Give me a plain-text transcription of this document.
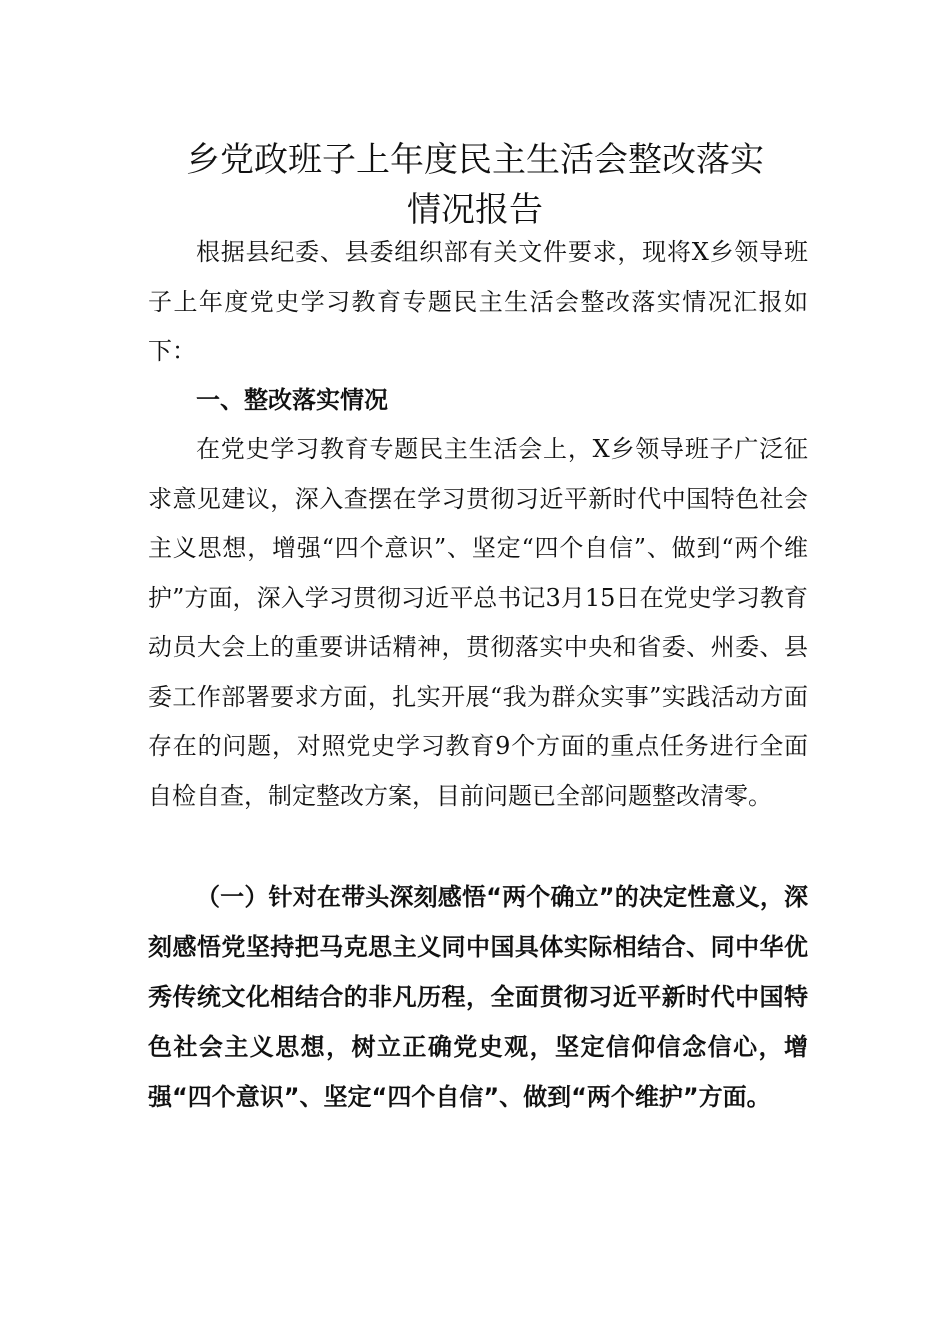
乡党政班子上年度民主生活会整改落实
情况报告

根据县纪委、县委组织部有关文件要求，现将X乡领导班子上年度党史学习教育专题民主生活会整改落实情况汇报如下：

一、整改落实情况

在党史学习教育专题民主生活会上，X乡领导班子广泛征求意见建议，深入查摆在学习贯彻习近平新时代中国特色社会主义思想，增强“四个意识”、坚定“四个自信”、做到“两个维护”方面，深入学习贯彻习近平总书记3月15日在党史学习教育动员大会上的重要讲话精神，贯彻落实中央和省委、州委、县委工作部署要求方面，扎实开展“我为群众实事”实践活动方面存在的问题，对照党史学习教育9个方面的重点任务进行全面自检自查，制定整改方案，目前问题已全部问题整改清零。

（一）针对在带头深刻感悟“两个确立”的决定性意义，深刻感悟党坚持把马克思主义同中国具体实际相结合、同中华优秀传统文化相结合的非凡历程，全面贯彻习近平新时代中国特色社会主义思想，树立正确党史观，坚定信仰信念信心，增强“四个意识”、坚定“四个自信”、做到“两个维护”方面。
